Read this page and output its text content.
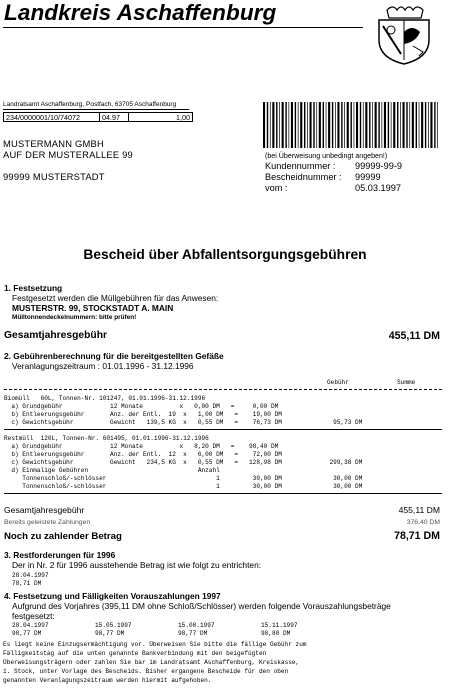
Landkreis Aschaffenburg
Landratsamt Aschaffenburg, Postfach, 63705 Aschaffenburg
234/0000001/10/74072	04.97	1,00
MUSTERMANN GMBH
AUF DER MUSTERALLEE 99
99999 MUSTERSTADT
(bei Überweisung unbedingt angeben!)
Kundennummer : 99999-99-9
Bescheidnummer : 99999
vom :	05.03.1997
Bescheid über Abfallentsorgungsgebühren
1. Festsetzung
Festgesetzt werden die Müllgebühren für das Anwesen:
MUSTERSTR. 99, STOCKSTADT A. MAIN
Mülltonnendeckelnummern: bitte prüfen!
Gesamtjahresgebühr	455,11 DM
2. Gebührenberechnung für die bereitgestellten Gefäße
Veranlagungszeitraum : 01.01.1996 - 31.12.1996
Gebühr	Summe
Biomüll   60L, Tonnen-Nr. 101247, 01.01.1996-31.12.1996
a) Grundgebühr             12 Monate          x   0,00 DM   =     0,00 DM
b) Entleerungsgebühr       Anz. der Entl.  19  x   1,00 DM   =    19,00 DM
c) Gewichtsgebühr          Gewicht   139,5 KG  x   0,55 DM   =    76,73 DM              95,73 DM
Restmüll  120L, Tonnen-Nr. 601495, 01.01.1996-31.12.1996
a) Grundgebühr             12 Monate          x   8,20 DM   =    98,40 DM
b) Entleerungsgebühr       Anz. der Entl.  12  x   6,00 DM   =    72,00 DM
c) Gewichtsgebühr          Gewicht   234,5 KG  x   0,55 DM   =   128,98 DM             299,38 DM
d) Einmalige Gebühren                              Anzahl
Tonnenschloß/-schlösser                              1         30,00 DM              30,00 DM
Tonnenschloß/-schlösser                              1         30,00 DM              30,00 DM
Gesamtjahresgebühr	455,11 DM
Bereits geleistete Zahlungen	376,40 DM
Noch zu zahlender Betrag	78,71 DM
3. Restforderungen für 1996
Der in Nr. 2 für 1996 ausstehende Betrag ist wie folgt zu entrichten:
28.04.1997
78,71 DM
4. Festsetzung und Fälligkeiten Vorauszahlungen 1997
Aufgrund des Vorjahres (395,11 DM ohne Schloß/Schlösser) werden folgende Vorauszahlungsbeträge
festgesetzt:
28.04.1997	15.05.1997	15.08.1997	15.11.1997
98,77 DM	98,77 DM	98,77 DM	98,80 DM
Es liegt keine Einzugsermächtigung vor. Überweisen Sie bitte die fällige Gebühr zum
Fälligkeitstag auf die unten genannte Bankverbindung mit den beigefügten
Überweisungsträgern oder zahlen Sie bar im Landratsamt Aschaffenburg, Kreiskasse,
1. Stock, unter Vorlage des Bescheids. Bisher ergangene Bescheide für den oben
genannten Veranlagungszeitraum werden hiermit aufgehoben.
